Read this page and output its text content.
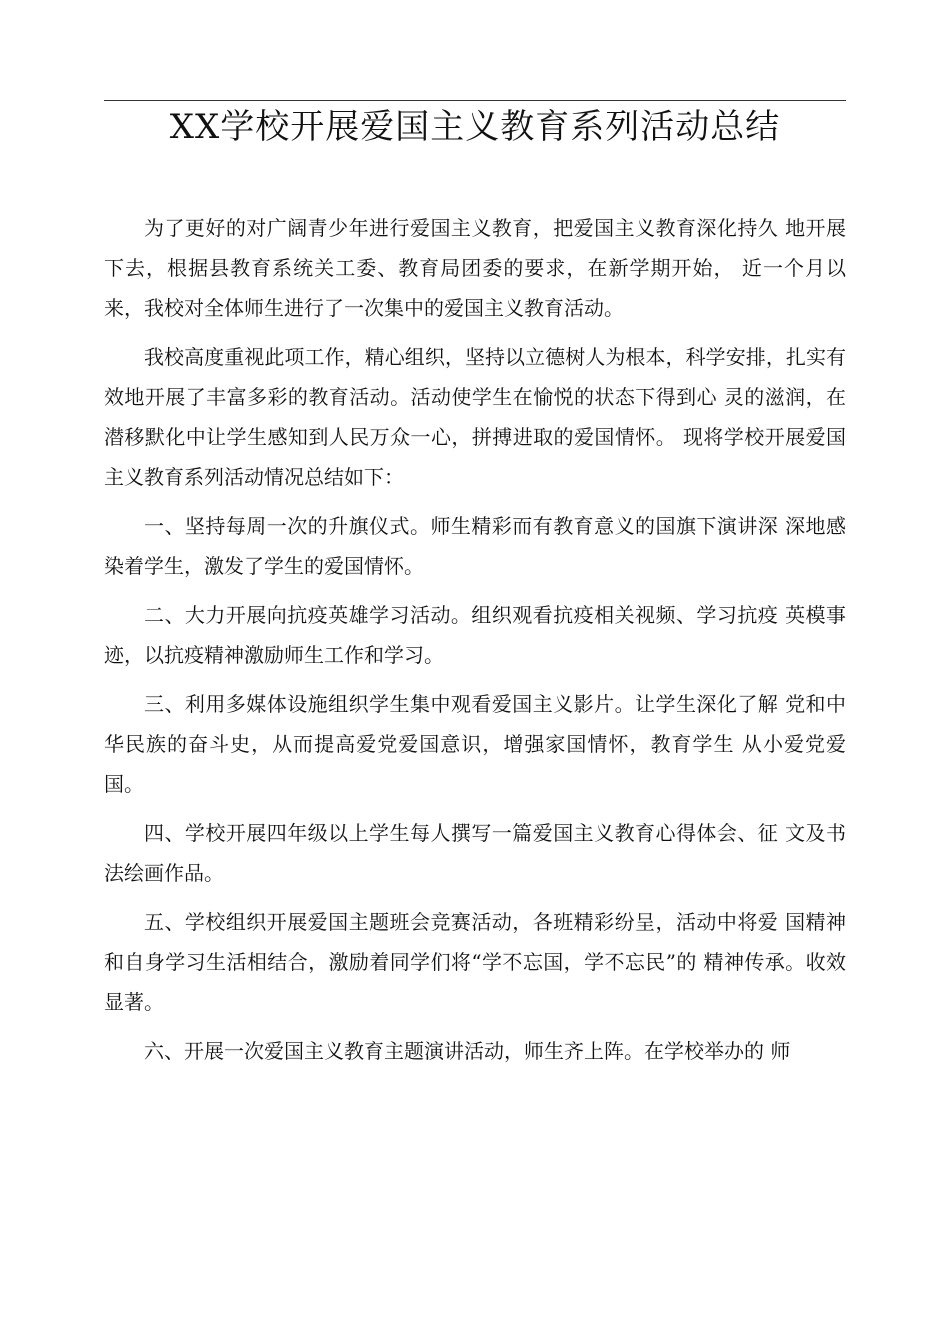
XX学校开展爱国主义教育系列活动总结

为了更好的对广阔青少年进行爱国主义教育，把爱国主义教育深化持久 地开展下去，根据县教育系统关工委、教育局团委的要求，在新学期开始， 近一个月以来，我校对全体师生进行了一次集中的爱国主义教育活动。

我校高度重视此项工作，精心组织，坚持以立德树人为根本，科学安排，扎实有效地开展了丰富多彩的教育活动。活动使学生在愉悦的状态下得到心 灵的滋润，在潜移默化中让学生感知到人民万众一心，拼搏进取的爱国情怀。 现将学校开展爱国主义教育系列活动情况总结如下：

一、坚持每周一次的升旗仪式。师生精彩而有教育意义的国旗下演讲深 深地感染着学生，激发了学生的爱国情怀。

二、大力开展向抗疫英雄学习活动。组织观看抗疫相关视频、学习抗疫 英模事迹，以抗疫精神激励师生工作和学习。

三、利用多媒体设施组织学生集中观看爱国主义影片。让学生深化了解 党和中华民族的奋斗史，从而提高爱党爱国意识，增强家国情怀，教育学生 从小爱党爱国。

四、学校开展四年级以上学生每人撰写一篇爱国主义教育心得体会、征 文及书法绘画作品。

五、学校组织开展爱国主题班会竞赛活动，各班精彩纷呈，活动中将爱 国精神和自身学习生活相结合，激励着同学们将“学不忘国，学不忘民”的 精神传承。收效显著。

六、开展一次爱国主义教育主题演讲活动，师生齐上阵。在学校举办的 师
